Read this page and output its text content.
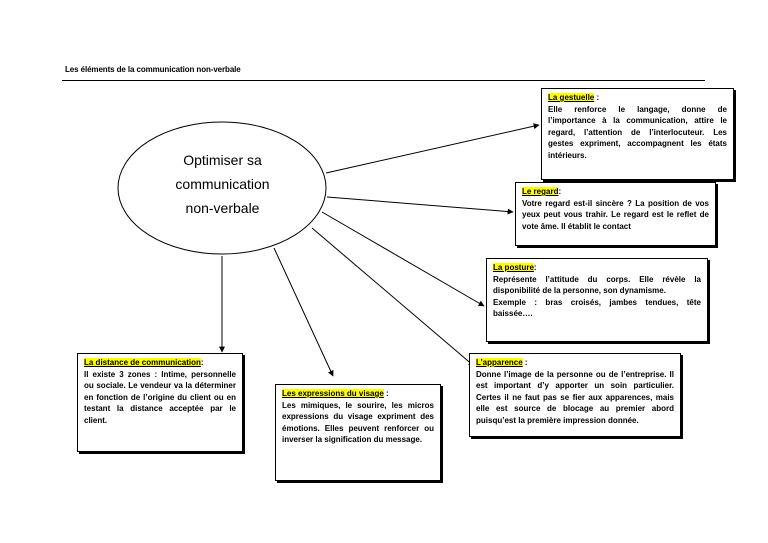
Les éléments de la communication non-verbale
Optimiser sa
communication
non-verbale
La gestuelle :
Elle renforce le langage, donne de l’importance à la communication, attire le regard, l’attention de l’interlocuteur. Les gestes expriment, accompagnent les états intérieurs.
Le regard:
Votre regard est-il sincère ? La position de vos yeux peut vous trahir. Le regard est le reflet de vote âme. Il établit le contact
La posture:
Représente l’attitude du corps. Elle révèle la disponibilité de la personne, son dynamisme.
Exemple : bras croisés, jambes tendues, tête baissée….
L’apparence :
Donne l’image de la personne ou de l’entreprise. Il est important d’y apporter un soin particulier. Certes il ne faut pas se fier aux apparences, mais elle est source de blocage au premier abord puisqu’est la première impression donnée.
Les expressions du visage :
Les mimiques, le sourire, les micros expressions du visage expriment des émotions. Elles peuvent renforcer ou inverser la signification du message.
La distance de communication:
Il existe 3 zones : Intime, personnelle ou sociale. Le vendeur va la déterminer en fonction de l’origine du client ou en testant la distance acceptée par le client.
